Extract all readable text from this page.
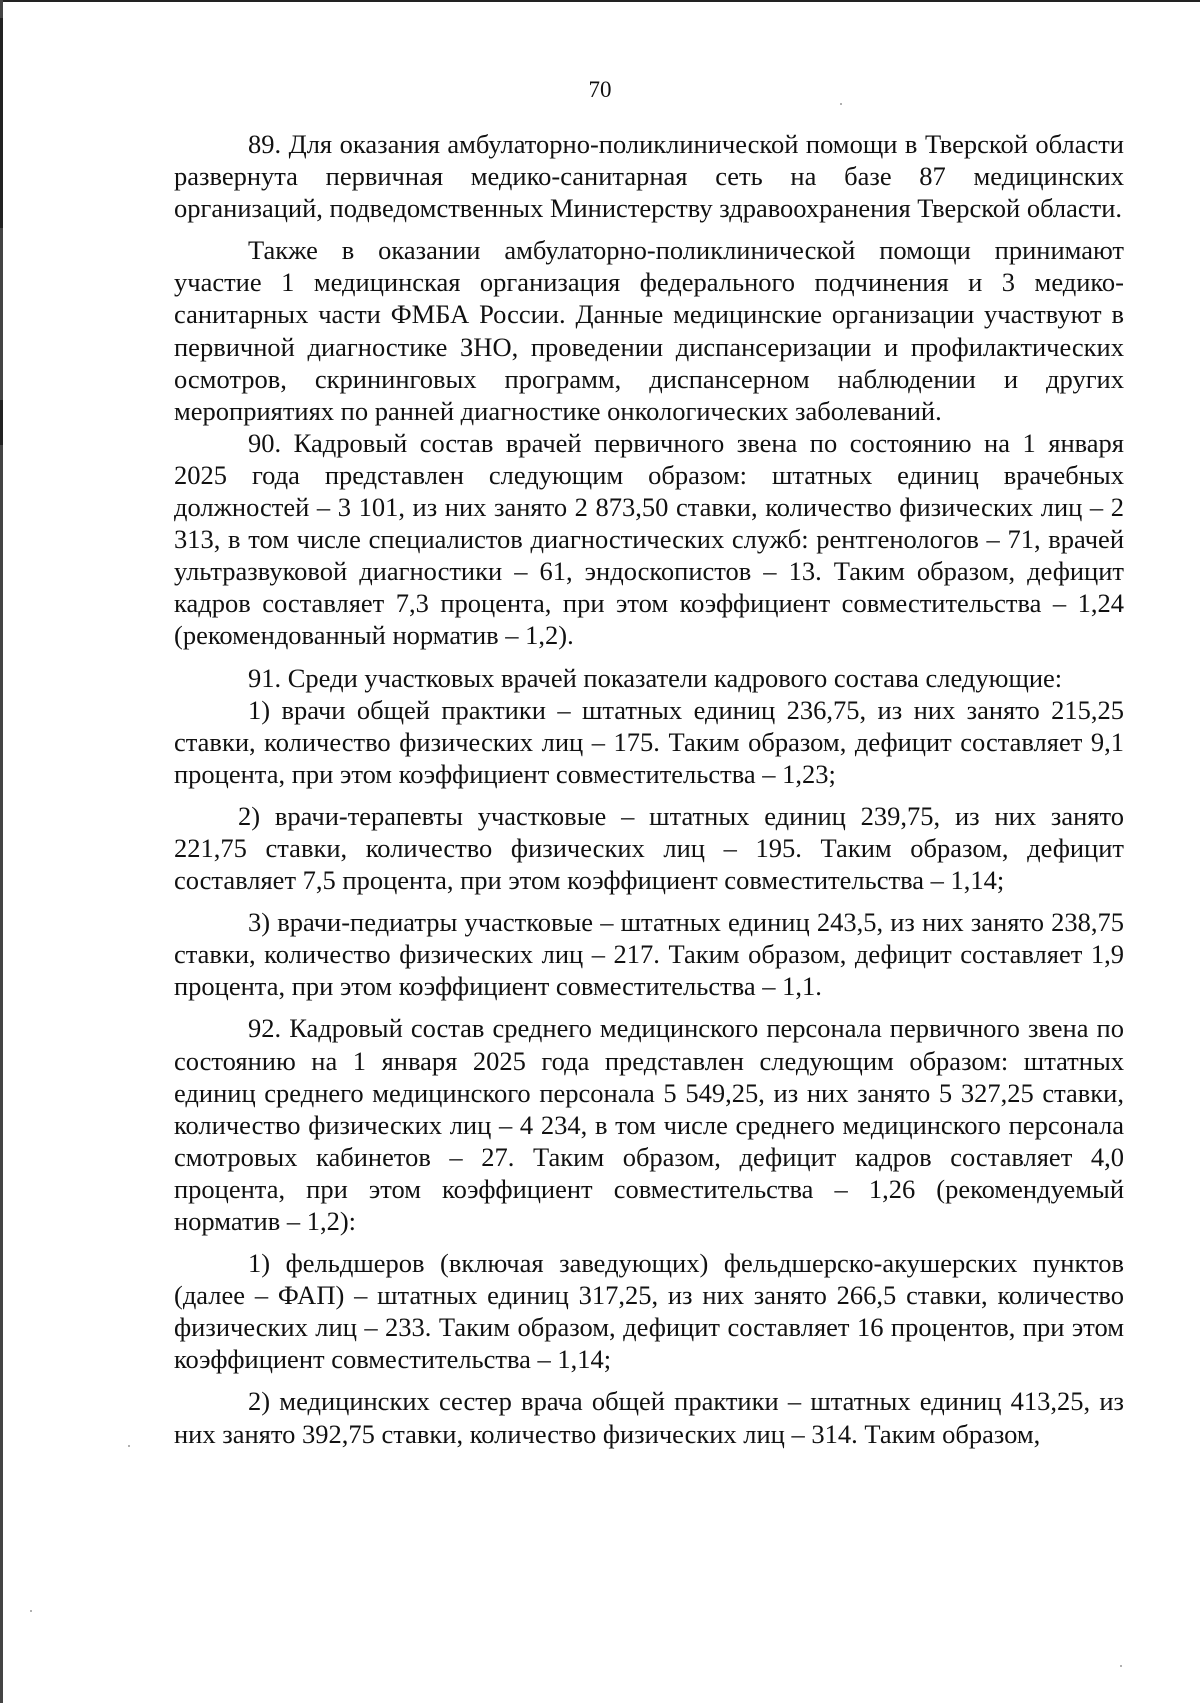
70

89. Для оказания амбулаторно-поликлинической помощи в Тверской области развернута первичная медико-санитарная сеть на базе 87 медицинских организаций, подведомственных Министерству здравоохранения Тверской области.

Также в оказании амбулаторно-поликлинической помощи принимают участие 1 медицинская организация федерального подчинения и 3 медико-санитарных части ФМБА России. Данные медицинские организации участвуют в первичной диагностике ЗНО, проведении диспансеризации и профилактических осмотров, скрининговых программ, диспансерном наблюдении и других мероприятиях по ранней диагностике онкологических заболеваний.

90. Кадровый состав врачей первичного звена по состоянию на 1 января 2025 года представлен следующим образом: штатных единиц врачебных должностей – 3 101, из них занято 2 873,50 ставки, количество физических лиц – 2 313, в том числе специалистов диагностических служб: рентгенологов – 71, врачей ультразвуковой диагностики – 61, эндоскопистов – 13. Таким образом, дефицит кадров составляет 7,3 процента, при этом коэффициент совместительства – 1,24 (рекомендованный норматив – 1,2).

91. Среди участковых врачей показатели кадрового состава следующие:

1) врачи общей практики – штатных единиц 236,75, из них занято 215,25 ставки, количество физических лиц – 175. Таким образом, дефицит составляет 9,1 процента, при этом коэффициент совместительства – 1,23;

2) врачи-терапевты участковые – штатных единиц 239,75, из них занято 221,75 ставки, количество физических лиц – 195. Таким образом, дефицит составляет 7,5 процента, при этом коэффициент совместительства – 1,14;

3) врачи-педиатры участковые – штатных единиц 243,5, из них занято 238,75 ставки, количество физических лиц – 217. Таким образом, дефицит составляет 1,9 процента, при этом коэффициент совместительства – 1,1.

92. Кадровый состав среднего медицинского персонала первичного звена по состоянию на 1 января 2025 года представлен следующим образом: штатных единиц среднего медицинского персонала 5 549,25, из них занято 5 327,25 ставки, количество физических лиц – 4 234, в том числе среднего медицинского персонала смотровых кабинетов – 27. Таким образом, дефицит кадров составляет 4,0 процента, при этом коэффициент совместительства – 1,26 (рекомендуемый норматив – 1,2):

1) фельдшеров (включая заведующих) фельдшерско-акушерских пунктов (далее – ФАП) – штатных единиц 317,25, из них занято 266,5 ставки, количество физических лиц – 233. Таким образом, дефицит составляет 16 процентов, при этом коэффициент совместительства – 1,14;

2) медицинских сестер врача общей практики – штатных единиц 413,25, из них занято 392,75 ставки, количество физических лиц – 314. Таким образом,
